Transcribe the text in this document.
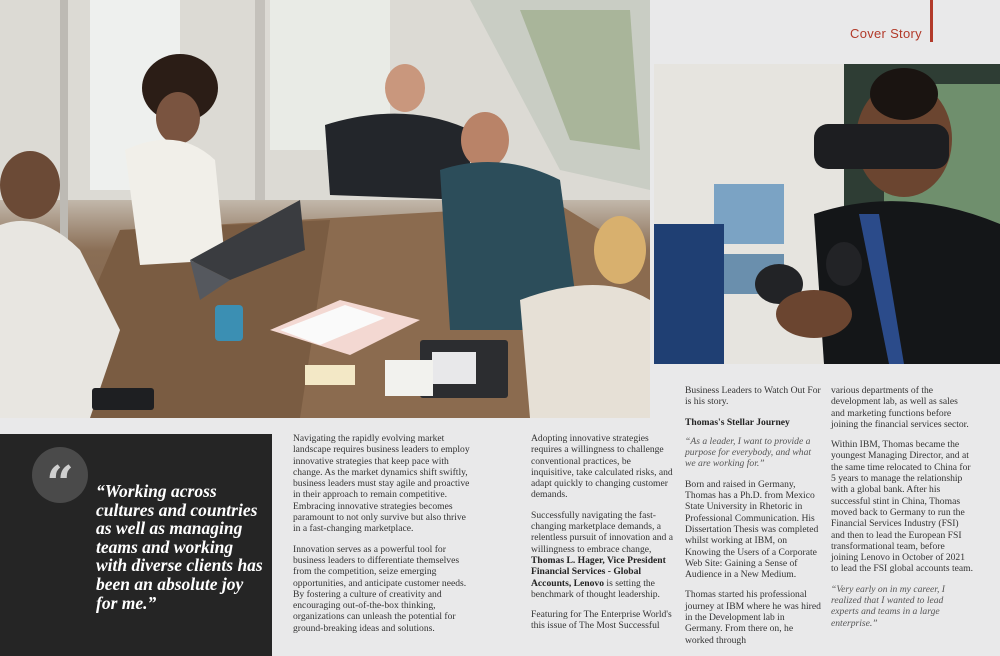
Cover Story
“	“Working across cultures and countries as well as managing teams and working with diverse clients has been an absolute joy for me.”

Navigating the rapidly evolving market landscape requires business leaders to employ innovative strategies that keep pace with change. As the market dynamics shift swiftly, business leaders must stay agile and proactive in their approach to remain competitive. Embracing innovative strategies becomes paramount to not only survive but also thrive in a fast-changing marketplace.

Innovation serves as a powerful tool for business leaders to differentiate themselves from the competition, seize emerging opportunities, and anticipate customer needs. By fostering a culture of creativity and encouraging out-of-the-box thinking, organizations can unleash the potential for ground-breaking ideas and solutions.

Adopting innovative strategies requires a willingness to challenge conventional practices, be inquisitive, take calculated risks, and adapt quickly to changing customer demands.

Successfully navigating the fast-changing marketplace demands, a relentless pursuit of innovation and a willingness to embrace change, Thomas L. Hager, Vice President Financial Services - Global Accounts, Lenovo is setting the benchmark of thought leadership.

Featuring for The Enterprise World's this issue of The Most Successful

Business Leaders to Watch Out For is his story.

Thomas's Stellar Journey

“As a leader, I want to provide a purpose for everybody, and what we are working for.”

Born and raised in Germany, Thomas has a Ph.D. from Mexico State University in Rhetoric in Professional Communication. His Dissertation Thesis was completed whilst working at IBM, on Knowing the Users of a Corporate Web Site: Gaining a Sense of Audience in a New Medium.

Thomas started his professional journey at IBM where he was hired in the Development lab in Germany. From there on, he worked through

various departments of the development lab, as well as sales and marketing functions before joining the financial services sector.

Within IBM, Thomas became the youngest Managing Director, and at the same time relocated to China for 5 years to manage the relationship with a global bank. After his successful stint in China, Thomas moved back to Germany to run the Financial Services Industry (FSI) and then to lead the European FSI transformational team, before joining Lenovo in October of 2021 to lead the FSI global accounts team.

“Very early on in my career, I realized that I wanted to lead experts and teams in a large enterprise.”
